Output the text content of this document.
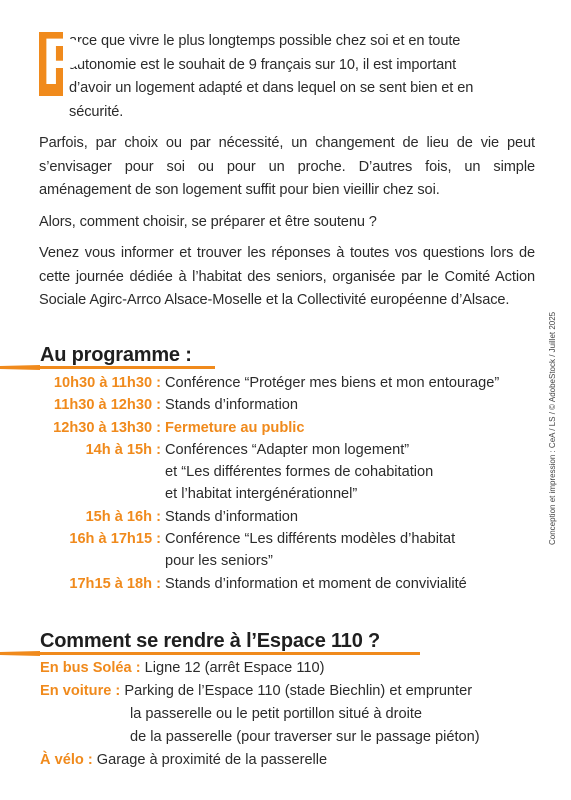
P

arce que vivre le plus longtemps possible chez soi et en toute
autonomie est le souhait de 9 français sur 10, il est important
d’avoir un logement adapté et dans lequel on se sent bien et en
sécurité.

Parfois, par choix ou par nécessité, un changement de lieu de vie peut s’envisager pour soi ou pour un proche. D’autres fois, un simple aménagement de son logement suffit pour bien vieillir chez soi.

Alors, comment choisir, se préparer et être soutenu ?

Venez vous informer et trouver les réponses à toutes vos questions lors de cette journée dédiée à l’habitat des seniors, organisée par le Comité Action Sociale Agirc-Arrco Alsace-Moselle et la Collectivité européenne d’Alsace.

Au programme :
Comment se rendre à l’Espace 110 ?
En bus Soléa : Ligne 12 (arrêt Espace 110)
En voiture : Parking de l’Espace 110 (stade Biechlin) et emprunter
la passerelle ou le petit portillon situé à droite
de la passerelle (pour traverser sur le passage piéton)
À vélo : Garage à proximité de la passerelle
Conception et impression : CeA / LS / © AdobeStock / Juillet 2025
10h30 à 11h30 : Conférence “Protéger mes biens et mon entourage”
11h30 à 12h30 : Stands d’information
12h30 à 13h30 : Fermeture au public
14h à 15h : Conférences “Adapter mon logement”
et “Les différentes formes de cohabitation
et l’habitat intergénérationnel”
15h à 16h : Stands d’information
16h à 17h15 : Conférence “Les différents modèles d’habitat
pour les seniors”
17h15 à 18h : Stands d’information et moment de convivialité
